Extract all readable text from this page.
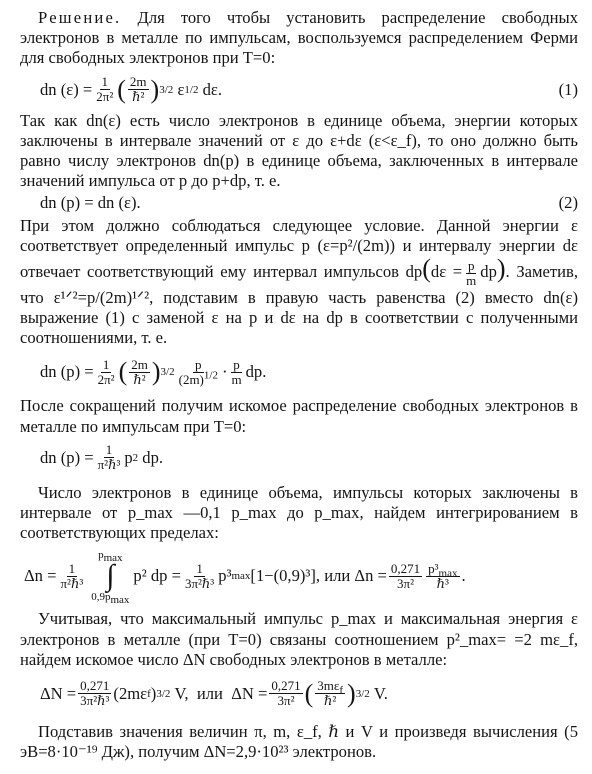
Решение. Для того чтобы установить распределение свободных электронов в металле по импульсам, воспользуемся распределением Ферми для свободных электронов при T=0:

dn $(\varepsilon) = \frac{1}{\text{2π²}}$ ( $\frac{2m}{\text{ℏ²}}$ ) 3/2
ε 1/2
dε.	(1)

Так как dn(ε) есть число электронов в единице объема, энергии которых заключены в интервале значений от ε до ε+dε (ε<ε_f), то оно должно быть равно числу электронов dn(p) в единице объема, заключенных в интервале значений импульса от p до p+dp, т. е.

dn (p) = dn (ε).	(2)

При этом должно соблюдаться следующее условие. Данной энергии ε соответствует определенный импульс p (ε=p²/(2m)) и интервалу энергии dε отвечает соответствующий ему интервал импульсов $dp(d\varepsilon = \frac{p}{m} dp)$. Заметив, что ε¹ᐟ²=p/(2m)¹ᐟ², подставим в правую часть равенства (2) вместо dn(ε) выражение (1) с заменой ε на p и dε на dp в соответствии с полученными соотношениями, т. е.

dn $(p) = \frac{1}{\text{2π²}}$ ( $\frac{2m}{\text{ℏ²}}$ ) $3/2 \frac{p}{(2m)^{1/2}} \cdot \frac{p}{m}$ dp.

После сокращений получим искомое распределение свободных электронов в металле по импульсам при T=0:

dn $(p) = \frac{1}{\text{π²ℏ³}}$ p 2
dp.

Число электронов в единице объема, импульсы которых заключены в интервале от p_max —0,1 p_max до p_max, найдем интегрированием в соответствующих пределах:

$\Delta n = \frac{1}{\text{π²ℏ³}}$
$p_{max}$
∫
$0,9p_{max}$
p² dp = $\frac{1}{\text{3π²ℏ³}} p^3$ max [1−(0,9)³],
или
$\Delta n = \frac{0,271}{\text{3π²}} \frac{p^3_{max}}{\text{ℏ³}}$ .

Учитывая, что максимальный импульс p_max и максимальная энергия ε электронов в металле (при T=0) связаны соотношением p²_max= =2 mε_f, найдем искомое число ΔN свободных электронов в металле:

$\Delta N = \frac{0,271}{\text{3π²ℏ³}} (2m\varepsilon$ f ) 3/2
V,
или
$\Delta N = \frac{0,271}{\text{3π²}}$ ( $\frac{3m\varepsilon_f}{\text{ℏ²}}$ ) 3/2
V.

Подставив значения величин π, m, ε_f, ℏ и V и произведя вычисления (5 эВ=8·10⁻¹⁹ Дж), получим ΔN=2,9·10²³ электронов.
